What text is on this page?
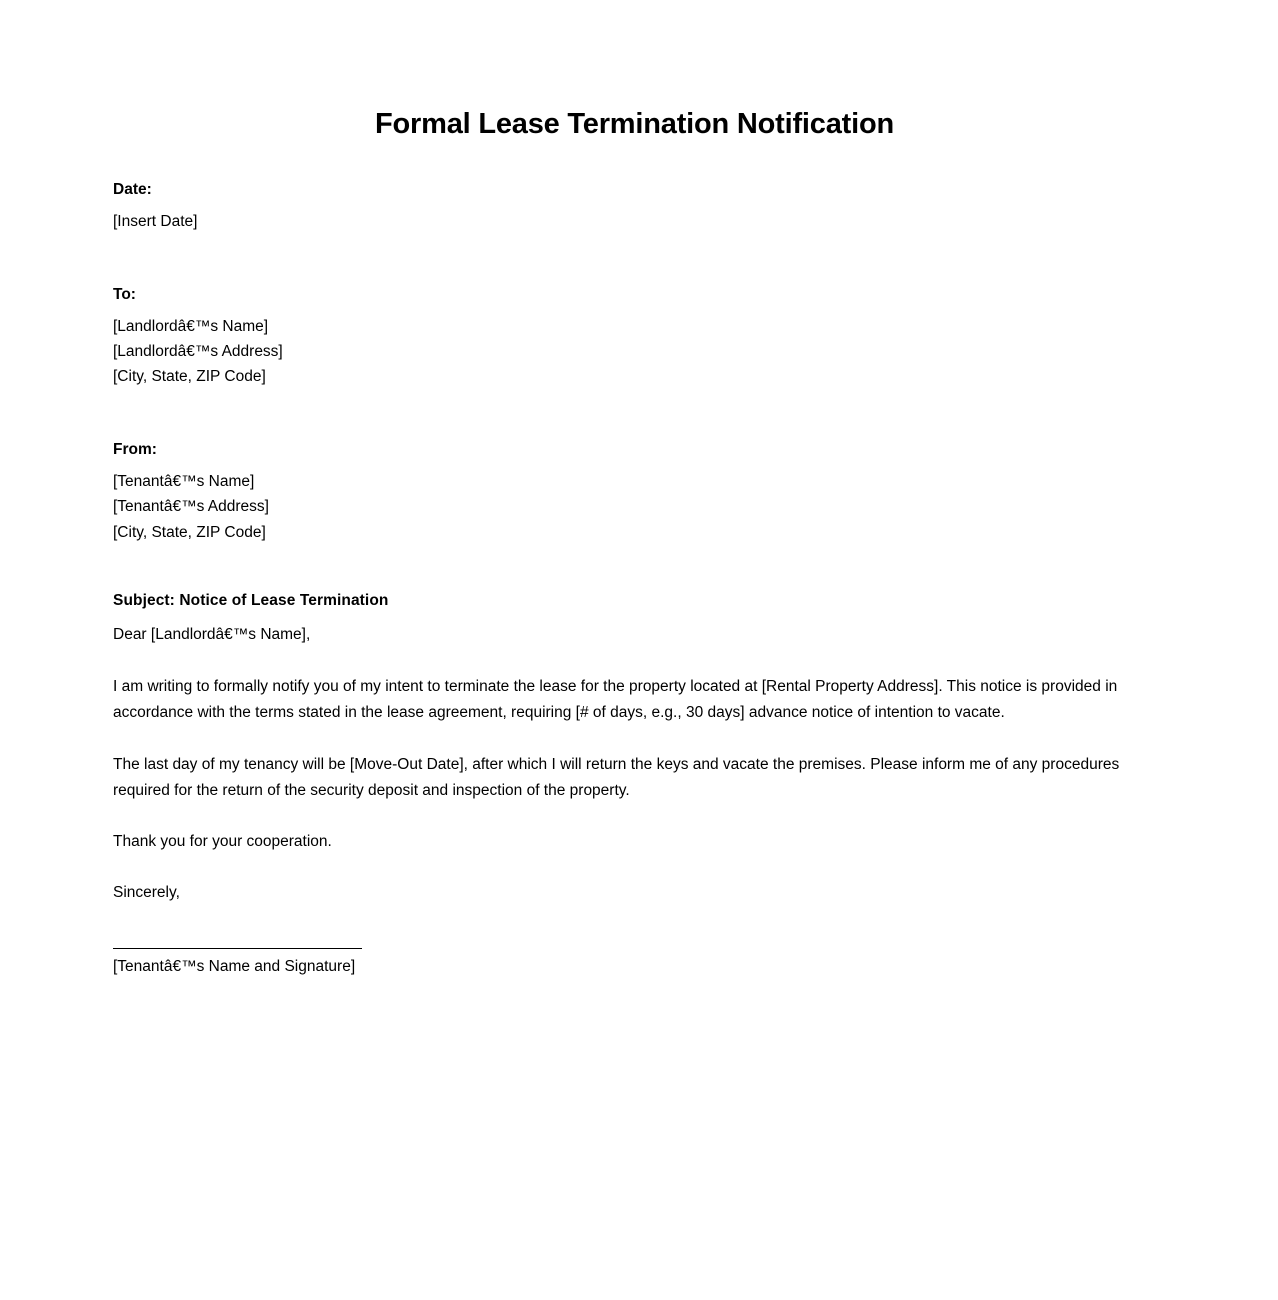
Formal Lease Termination Notification
Date:
[Insert Date]
To:
[Landlordâ€™s Name]
[Landlordâ€™s Address]
[City, State, ZIP Code]
From:
[Tenantâ€™s Name]
[Tenantâ€™s Address]
[City, State, ZIP Code]
Subject: Notice of Lease Termination
Dear [Landlordâ€™s Name],
I am writing to formally notify you of my intent to terminate the lease for the property located at [Rental Property Address]. This notice is provided in accordance with the terms stated in the lease agreement, requiring [# of days, e.g., 30 days] advance notice of intention to vacate.
The last day of my tenancy will be [Move-Out Date], after which I will return the keys and vacate the premises. Please inform me of any procedures required for the return of the security deposit and inspection of the property.
Thank you for your cooperation.
Sincerely,
[Tenantâ€™s Name and Signature]
